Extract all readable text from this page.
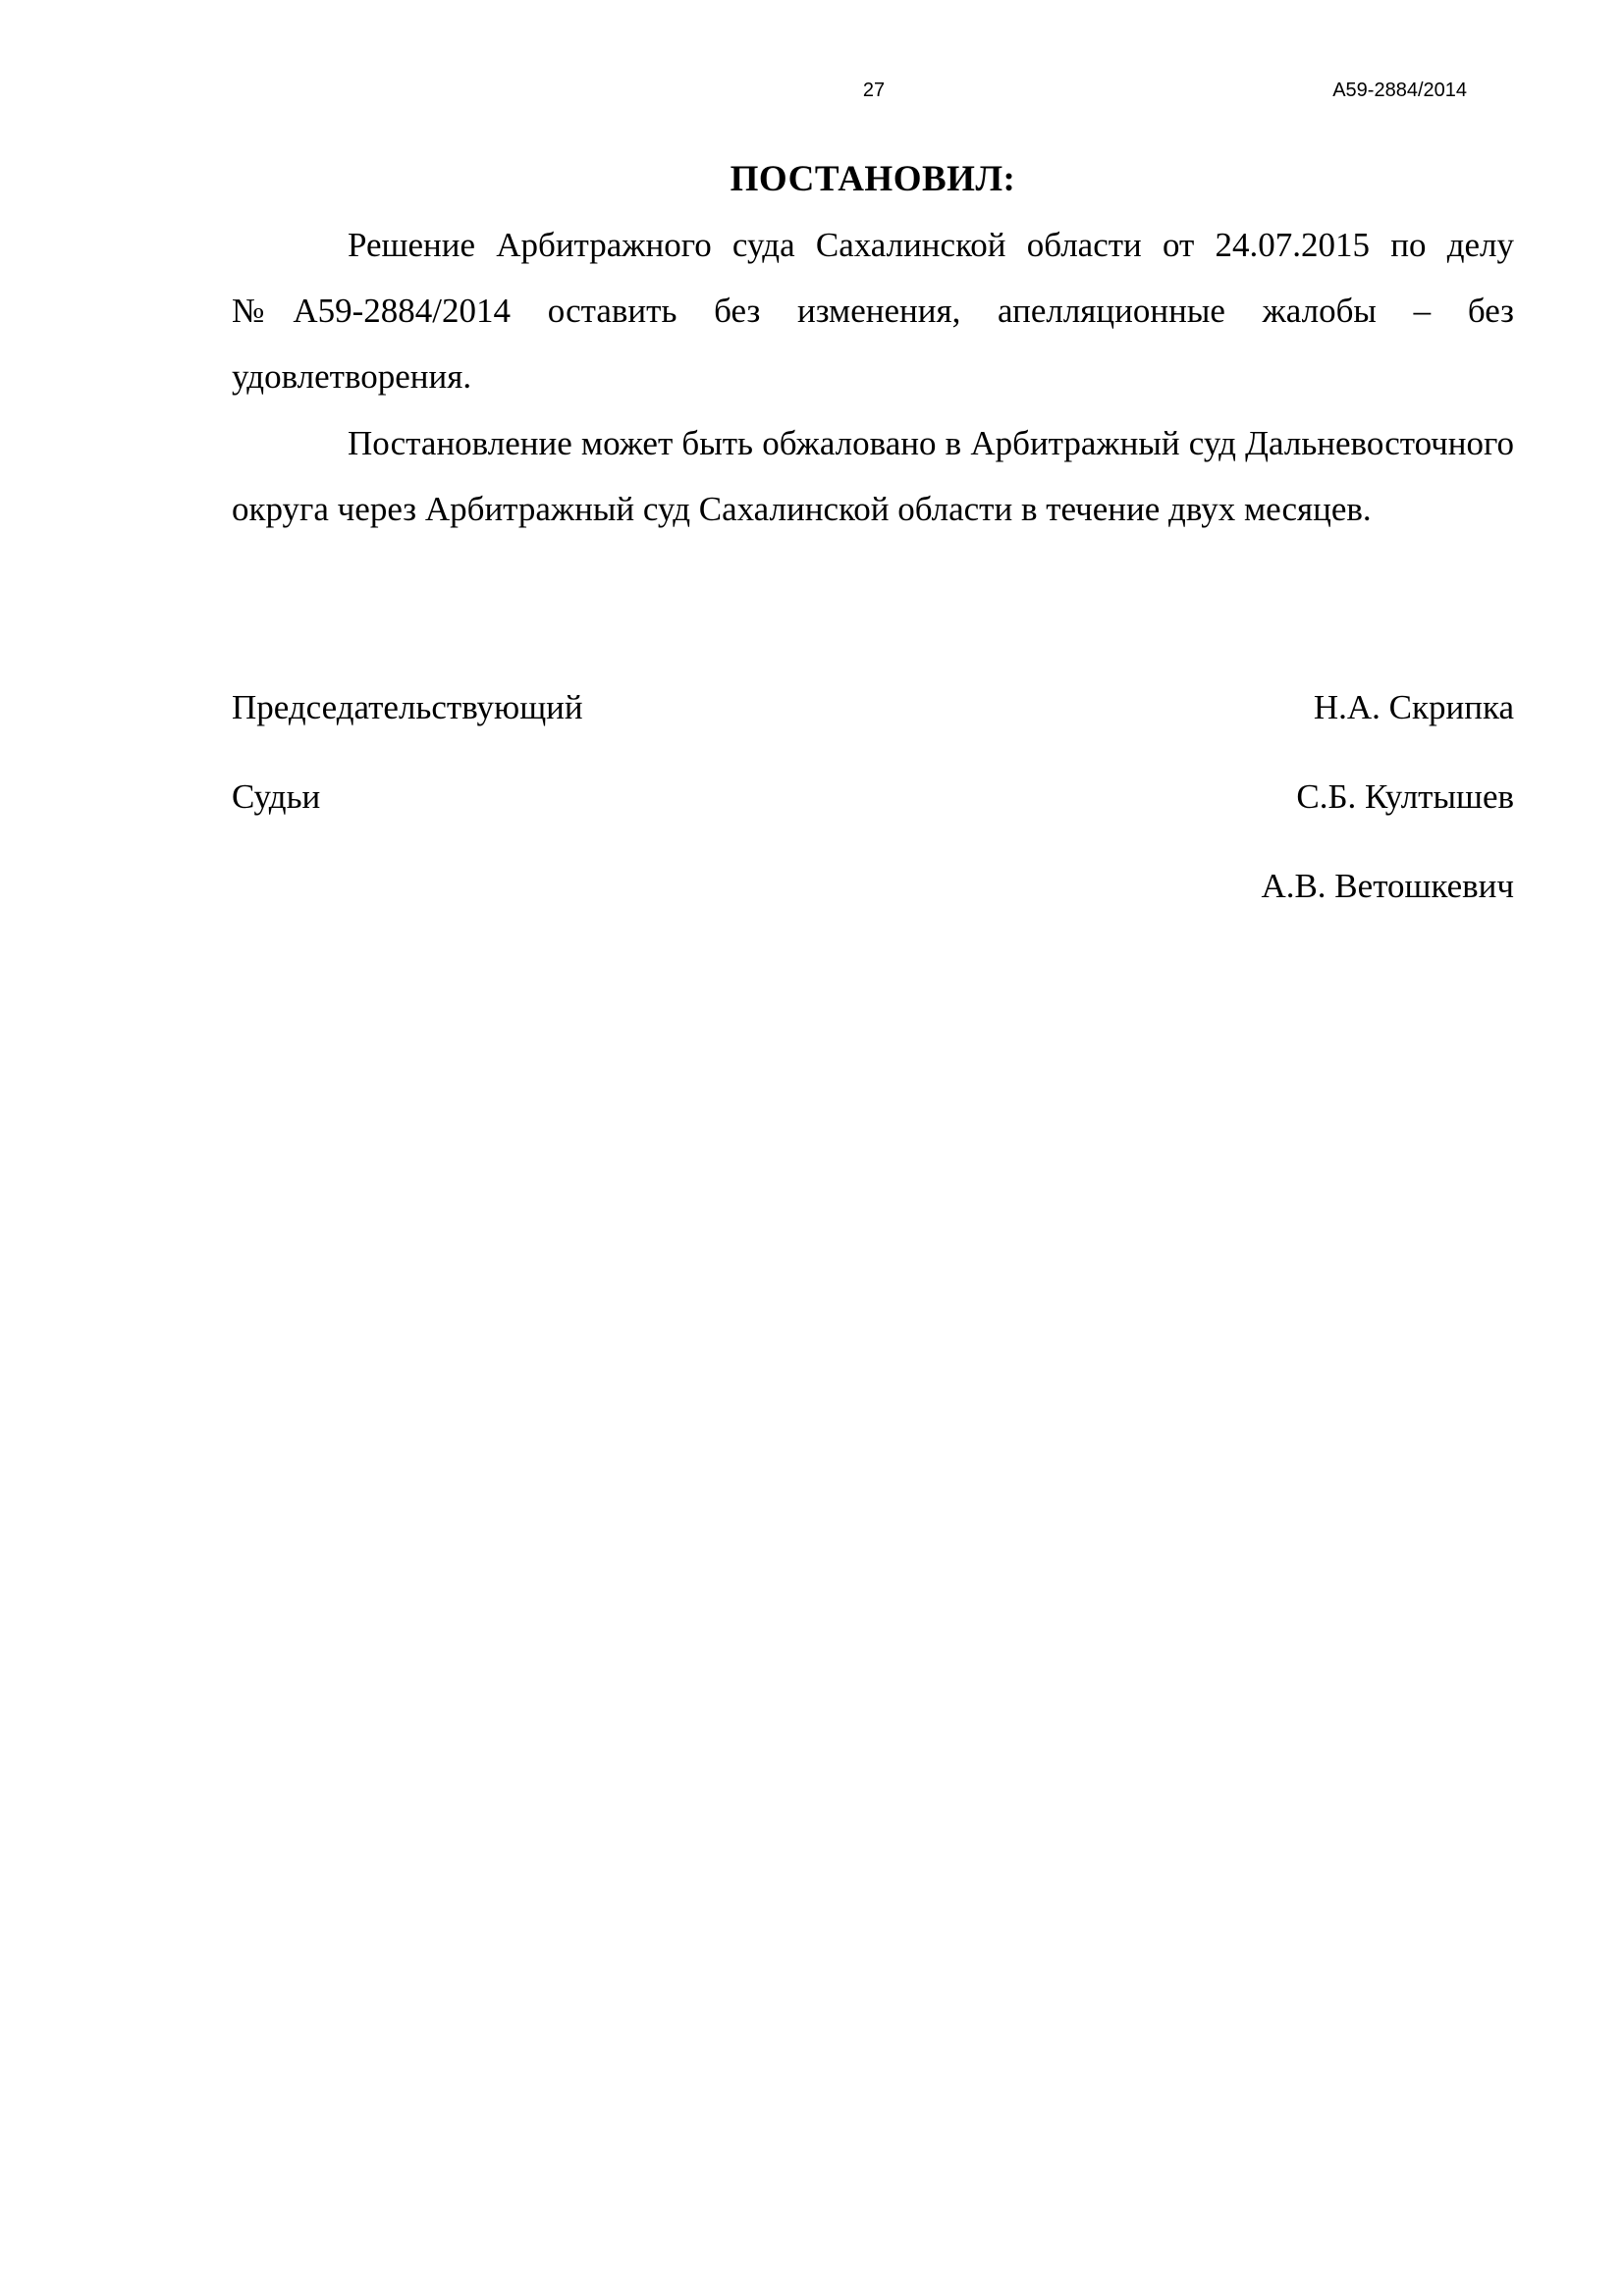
27	А59-2884/2014
ПОСТАНОВИЛ:

Решение Арбитражного суда Сахалинской области от 24.07.2015 по делу №А59-2884/2014 оставить без изменения, апелляционные жалобы – без удовлетворения.

Постановление может быть обжаловано в Арбитражный суд Дальневосточного округа через Арбитражный суд Сахалинской области в течение двух месяцев.

Председательствующий	Н.А. Скрипка
Судьи	С.Б. Култышев
А.В. Ветошкевич
